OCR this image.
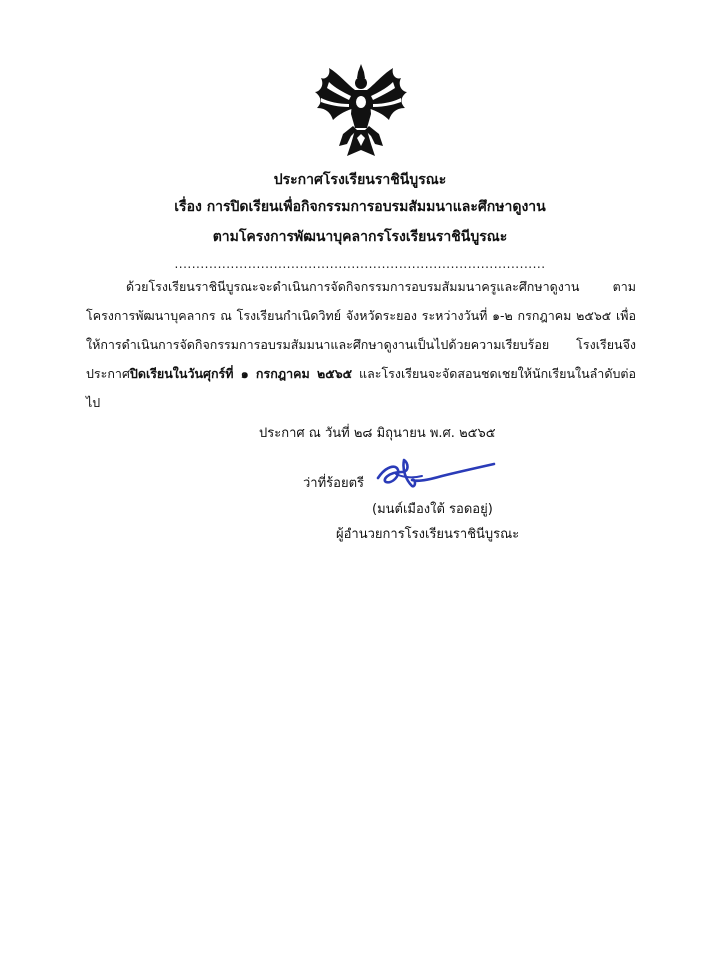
ประกาศโรงเรียนราชินีบูรณะ
เรื่อง การปิดเรียนเพื่อกิจกรรมการอบรมสัมมนาและศึกษาดูงาน
ตามโครงการพัฒนาบุคลากรโรงเรียนราชินีบูรณะ
......................................................................................
ด้วยโรงเรียนราชินีบูรณะจะดำเนินการจัดกิจกรรมการอบรมสัมมนาครูและศึกษาดูงาน ตามโครงการพัฒนาบุคลากร ณ โรงเรียนกำเนิดวิทย์ จังหวัดระยอง ระหว่างวันที่ ๑-๒ กรกฎาคม ๒๕๖๕ เพื่อให้การดำเนินการจัดกิจกรรมการอบรมสัมมนาและศึกษาดูงานเป็นไปด้วยความเรียบร้อย โรงเรียนจึงประกาศปิดเรียนในวันศุกร์ที่ ๑ กรกฎาคม ๒๕๖๕ และโรงเรียนจะจัดสอนชดเชยให้นักเรียนในลำดับต่อไป
ประกาศ ณ วันที่ ๒๘ มิถุนายน พ.ศ. ๒๕๖๕
ว่าที่ร้อยตรี
(มนต์เมืองใต้ รอดอยู่)
ผู้อำนวยการโรงเรียนราชินีบูรณะ
